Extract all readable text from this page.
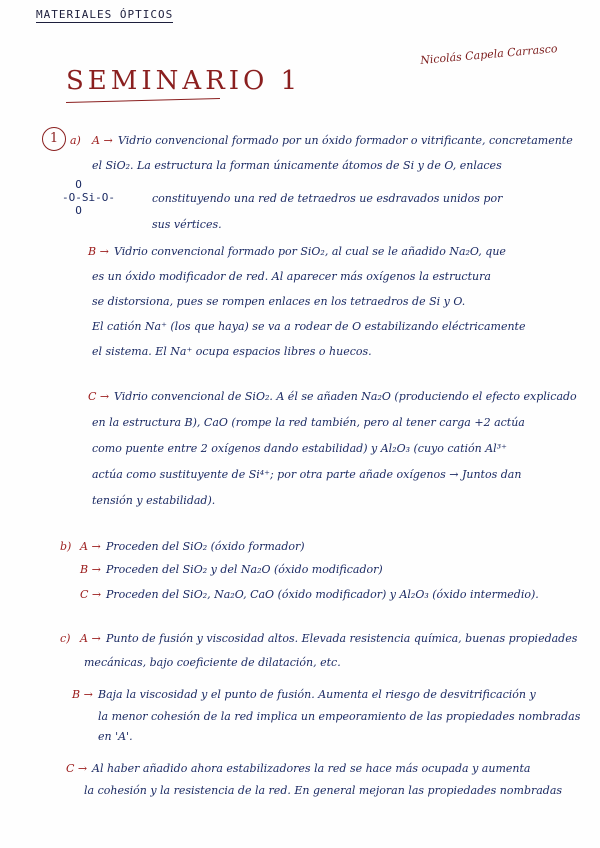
MATERIALES ÓPTICOS
Nicolás Capela Carrasco
SEMINARIO 1
1	a) A → Vidrio convencional formado por un óxido formador o vitrificante, concretamente
el SiO₂. La estructura la forman únicamente átomos de Si y de O, enlaces
O
-O-Si-O-
O
constituyendo una red de tetraedros ue esdravados unidos por
sus vértices.
B → Vidrio convencional formado por SiO₂, al cual se le añadido Na₂O, que
es un óxido modificador de red. Al aparecer más oxígenos la estructura
se distorsiona, pues se rompen enlaces en los tetraedros de Si y O.
El catión Na⁺ (los que haya) se va a rodear de O estabilizando eléctricamente
el sistema. El Na⁺ ocupa espacios libres o huecos.
C → Vidrio convencional de SiO₂. A él se añaden Na₂O (produciendo el efecto explicado
en la estructura B), CaO (rompe la red también, pero al tener carga +2 actúa
como puente entre 2 oxígenos dando estabilidad) y Al₂O₃ (cuyo catión Al³⁺
actúa como sustituyente de Si⁴⁺; por otra parte añade oxígenos → Juntos dan
tensión y estabilidad).
b) A → Proceden del SiO₂ (óxido formador)
B → Proceden del SiO₂ y del Na₂O (óxido modificador)
C → Proceden del SiO₂, Na₂O, CaO (óxido modificador) y Al₂O₃ (óxido intermedio).
c) A → Punto de fusión y viscosidad altos. Elevada resistencia química, buenas propiedades
mecánicas, bajo coeficiente de dilatación, etc.
B → Baja la viscosidad y el punto de fusión. Aumenta el riesgo de desvitrificación y
la menor cohesión de la red implica un empeoramiento de las propiedades nombradas
en 'A'.
C → Al haber añadido ahora estabilizadores la red se hace más ocupada y aumenta
la cohesión y la resistencia de la red. En general mejoran las propiedades nombradas
